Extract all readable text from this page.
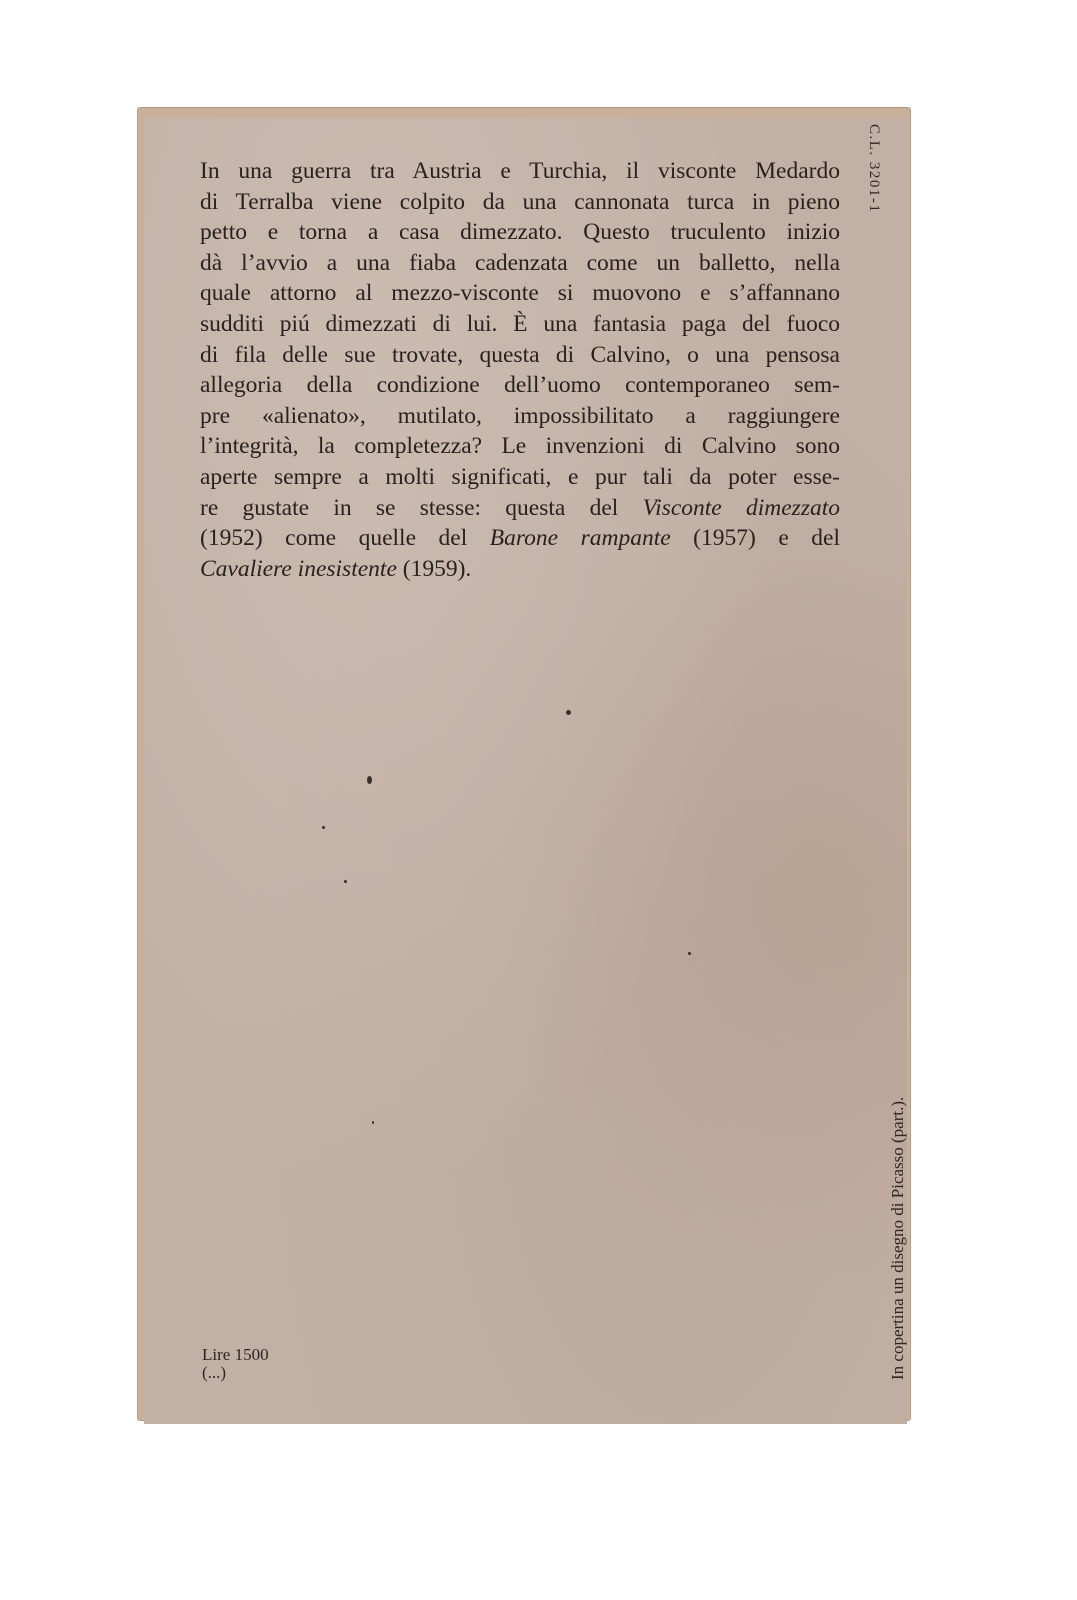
In una guerra tra Austria e Turchia, il visconte Medardo
di Terralba viene colpito da una cannonata turca in pieno
petto e torna a casa dimezzato. Questo truculento inizio
dà l’avvio a una fiaba cadenzata come un balletto, nella
quale attorno al mezzo-visconte si muovono e s’affannano
sudditi piú dimezzati di lui. È una fantasia paga del fuoco
di fila delle sue trovate, questa di Calvino, o una pensosa
allegoria della condizione dell’uomo contemporaneo sem-
pre «alienato», mutilato, impossibilitato a raggiungere
l’integrità, la completezza? Le invenzioni di Calvino sono
aperte sempre a molti significati, e pur tali da poter esse-
re gustate in se stesse: questa del Visconte dimezzato
(1952) come quelle del Barone rampante (1957) e del
Cavaliere inesistente (1959).
C.L. 3201-1
In copertina un disegno di Picasso (part.).
Lire 1500
(...)
